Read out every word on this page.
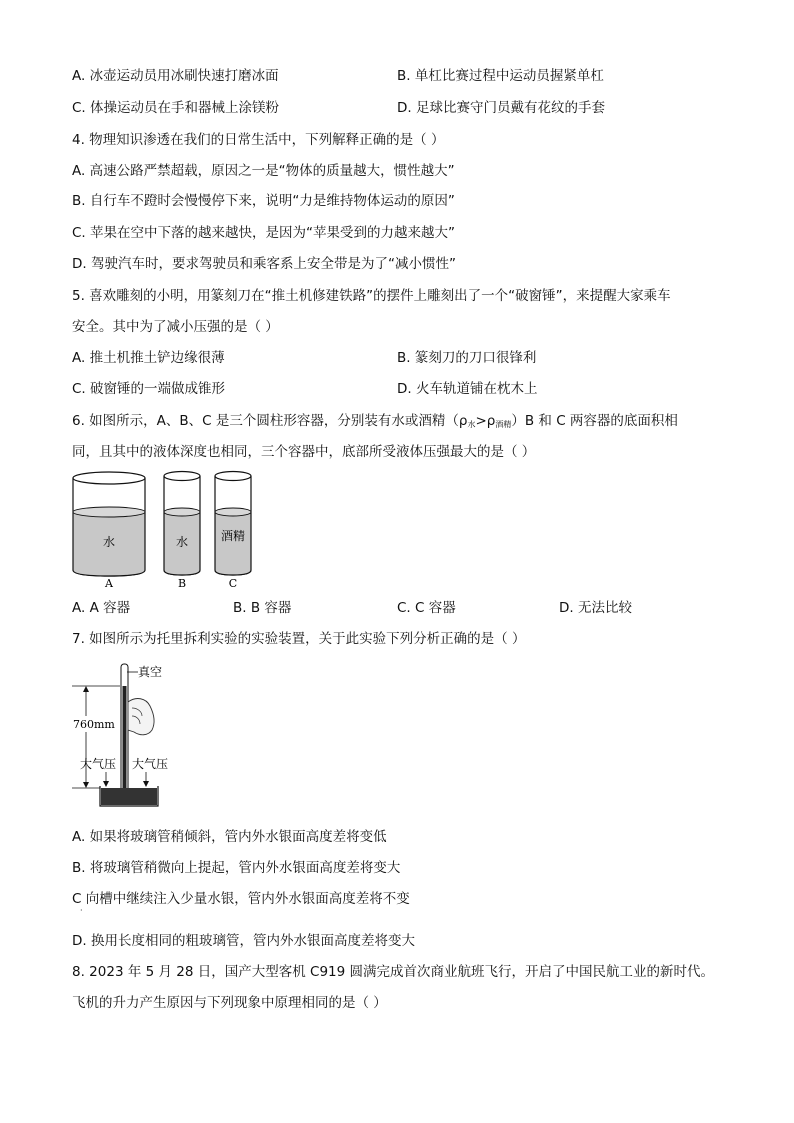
A. 冰壶运动员用冰刷快速打磨冰面	B. 单杠比赛过程中运动员握紧单杠
C. 体操运动员在手和器械上涂镁粉	D. 足球比赛守门员戴有花纹的手套
4. 物理知识渗透在我们的日常生活中，下列解释正确的是（ ）
A. 高速公路严禁超载，原因之一是“物体的质量越大，惯性越大”
B. 自行车不蹬时会慢慢停下来，说明“力是维持物体运动的原因”
C. 苹果在空中下落的越来越快，是因为“苹果受到的力越来越大”
D. 驾驶汽车时，要求驾驶员和乘客系上安全带是为了“减小惯性”
5. 喜欢雕刻的小明，用篆刻刀在“推土机修建铁路”的摆件上雕刻出了一个“破窗锤”，来提醒大家乘车
安全。其中为了减小压强的是（ ）
A. 推土机推土铲边缘很薄	B. 篆刻刀的刀口很锋利
C. 破窗锤的一端做成锥形	D. 火车轨道铺在枕木上
6. 如图所示，A、B、C 是三个圆柱形容器，分别装有水或酒精$(\rho_水>\rho_{酒精})B$ 和 C 两容器的底面积相
同，且其中的液体深度也相同，三个容器中，底部所受液体压强最大的是（ ）
水
A
水
B
酒精
C
A. A 容器	B. B 容器	C. C 容器	D. 无法比较
7. 如图所示为托里拆利实验的实验装置，关于此实验下列分析正确的是（ ）
真空
760mm
大气压 大气压
A. 如果将玻璃管稍倾斜，管内外水银面高度差将变低
B. 将玻璃管稍微向上提起，管内外水银面高度差将变大
C 向槽中继续注入少量水银，管内外水银面高度差将不变
·
D. 换用长度相同的粗玻璃管，管内外水银面高度差将变大
8. 2023 年 5 月 28 日，国产大型客机 C919 圆满完成首次商业航班飞行，开启了中国民航工业的新时代。
飞机的升力产生原因与下列现象中原理相同的是（ ）
